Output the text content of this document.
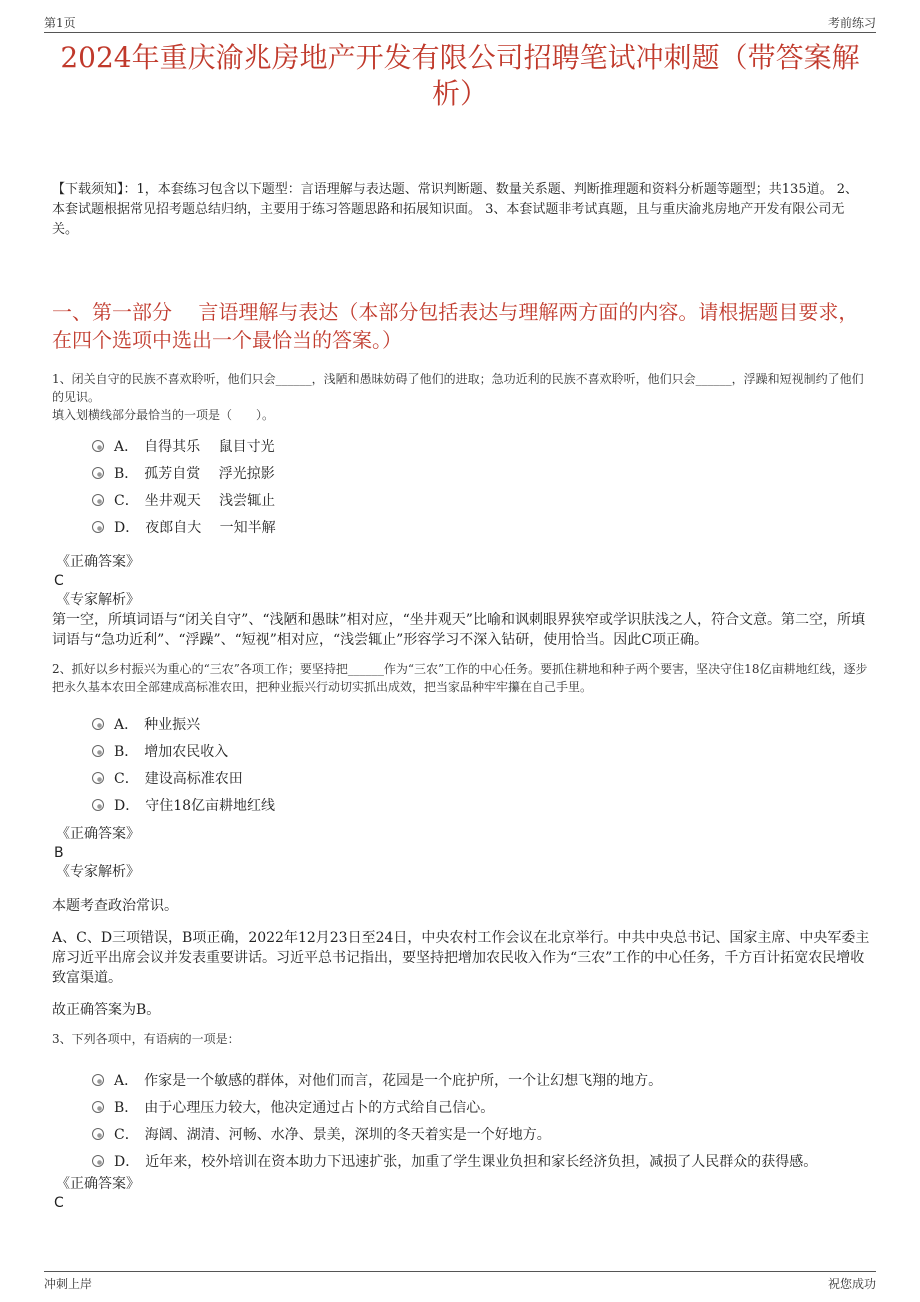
第1页	考前练习
2024年重庆渝兆房地产开发有限公司招聘笔试冲刺题（带答案解析）
【下载须知】：1，本套练习包含以下题型：言语理解与表达题、常识判断题、数量关系题、判断推理题和资料分析题等题型；共135道。 2、本套试题根据常见招考题总结归纳，主要用于练习答题思路和拓展知识面。 3、本套试题非考试真题，且与重庆渝兆房地产开发有限公司无关。
一、第一部分　 言语理解与表达（本部分包括表达与理解两方面的内容。请根据题目要求，在四个选项中选出一个最恰当的答案。）
1、闭关自守的民族不喜欢聆听，他们只会______，浅陋和愚昧妨碍了他们的进取；急功近利的民族不喜欢聆听，他们只会______，浮躁和短视制约了他们的见识。
填入划横线部分最恰当的一项是（　　）。
A． 自得其乐　 鼠目寸光
B． 孤芳自赏　 浮光掠影
C． 坐井观天　 浅尝辄止
D． 夜郎自大　 一知半解
《正确答案》
C
《专家解析》

第一空，所填词语与“闭关自守”、“浅陋和愚昧”相对应，“坐井观天”比喻和讽刺眼界狭窄或学识肤浅之人，符合文意。第二空，所填词语与“急功近利”、“浮躁”、“短视”相对应，“浅尝辄止”形容学习不深入钻研，使用恰当。因此C项正确。

2、抓好以乡村振兴为重心的“三农”各项工作；要坚持把______作为“三农”工作的中心任务。要抓住耕地和种子两个要害，坚决守住18亿亩耕地红线，逐步把永久基本农田全部建成高标准农田，把种业振兴行动切实抓出成效，把当家品种牢牢攥在自己手里。
A． 种业振兴
B． 增加农民收入
C． 建设高标准农田
D． 守住18亿亩耕地红线
《正确答案》
B
《专家解析》

本题考查政治常识。

A、C、D三项错误，B项正确，2022年12月23日至24日，中央农村工作会议在北京举行。中共中央总书记、国家主席、中央军委主席习近平出席会议并发表重要讲话。习近平总书记指出，要坚持把增加农民收入作为“三农”工作的中心任务，千方百计拓宽农民增收致富渠道。

故正确答案为B。

3、下列各项中，有语病的一项是：
A． 作家是一个敏感的群体，对他们而言，花园是一个庇护所，一个让幻想飞翔的地方。
B． 由于心理压力较大，他决定通过占卜的方式给自己信心。
C． 海阔、湖清、河畅、水净、景美，深圳的冬天着实是一个好地方。
D． 近年来，校外培训在资本助力下迅速扩张，加重了学生课业负担和家长经济负担，减损了人民群众的获得感。
《正确答案》
C
冲刺上岸	祝您成功
